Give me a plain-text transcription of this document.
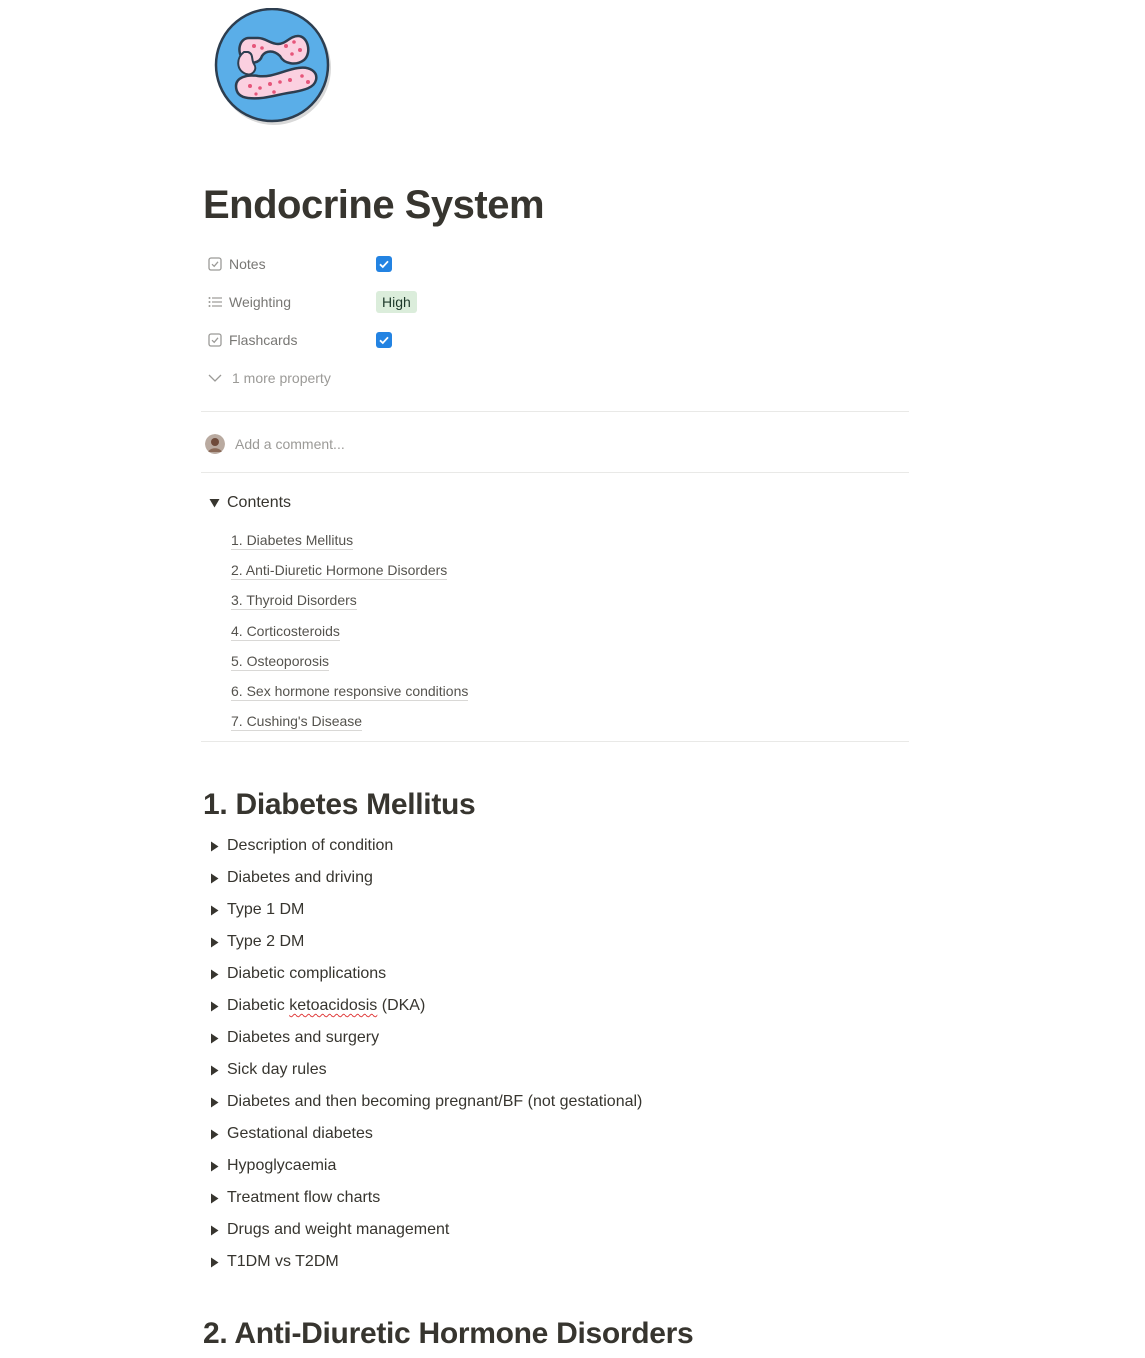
Endocrine System
Notes
Weighting	High
Flashcards
1 more property
Add a comment...
Contents
1. Diabetes Mellitus
2. Anti-Diuretic Hormone Disorders
3. Thyroid Disorders
4. Corticosteroids
5. Osteoporosis
6. Sex hormone responsive conditions
7. Cushing's Disease
1. Diabetes Mellitus
Description of condition
Diabetes and driving
Type 1 DM
Type 2 DM
Diabetic complications
Diabetic ketoacidosis (DKA)
Diabetes and surgery
Sick day rules
Diabetes and then becoming pregnant/BF (not gestational)
Gestational diabetes
Hypoglycaemia
Treatment flow charts
Drugs and weight management
T1DM vs T2DM
2. Anti-Diuretic Hormone Disorders
